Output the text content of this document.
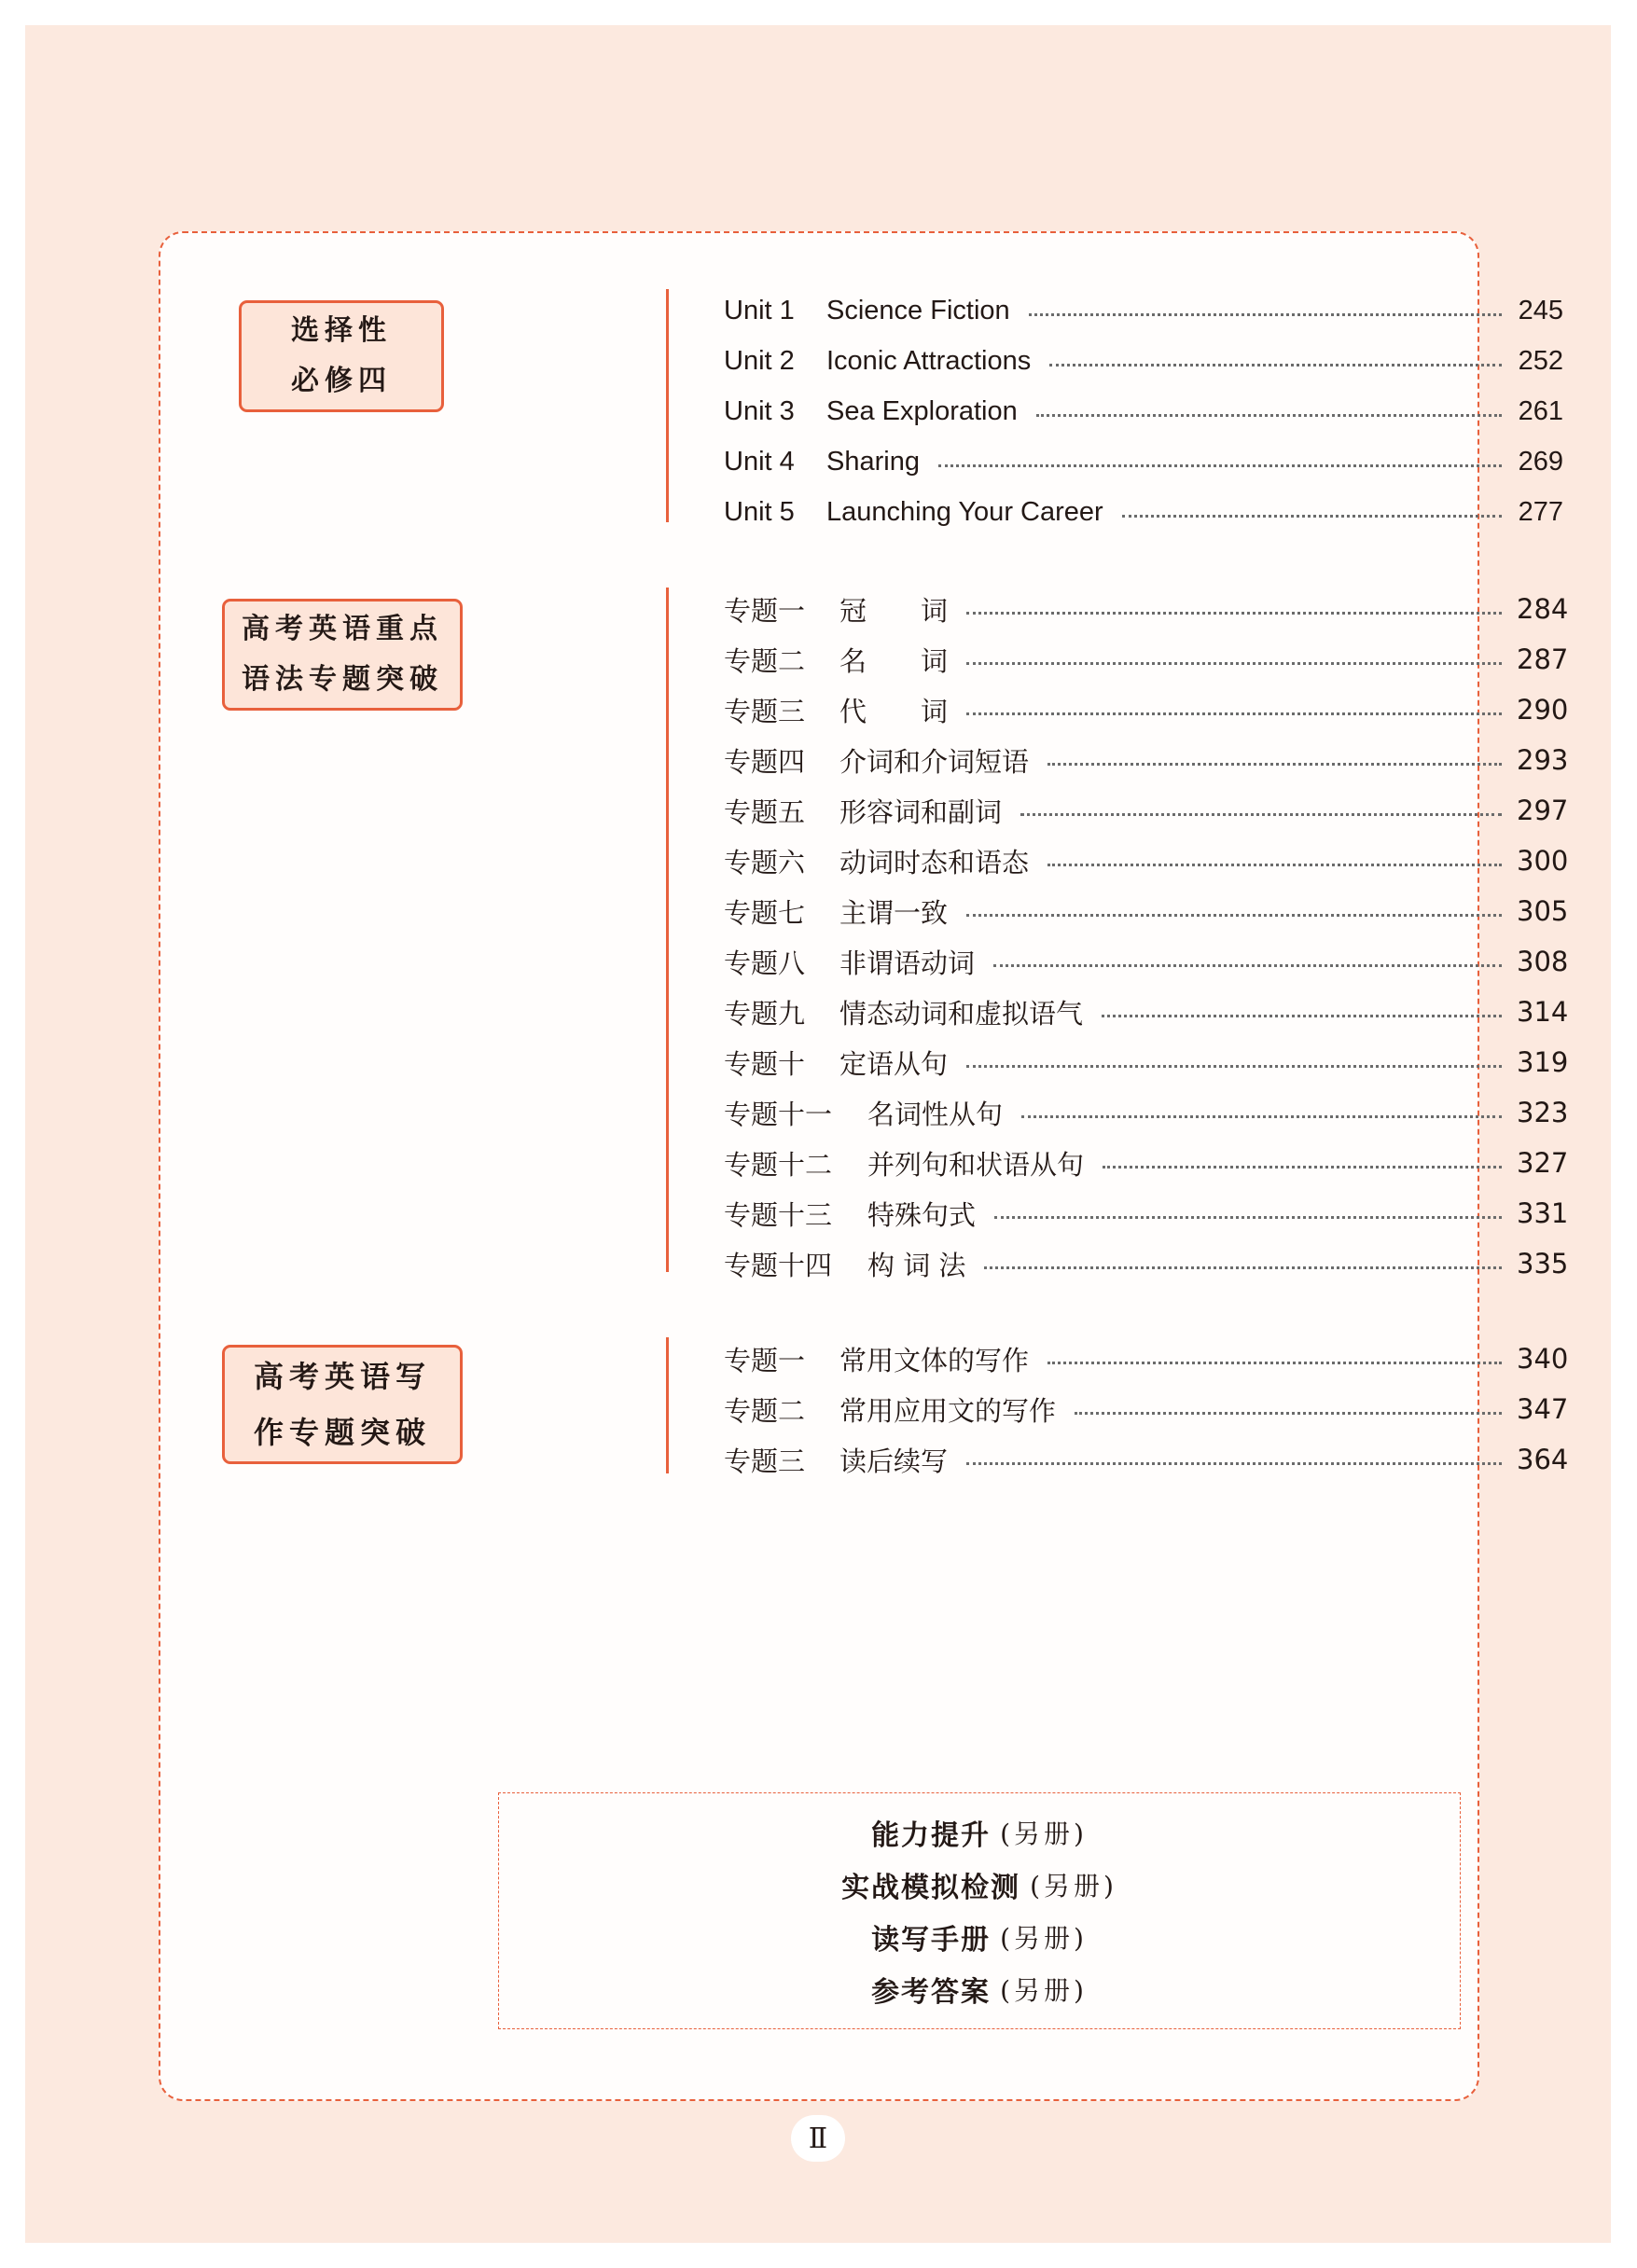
选择性
必修四
Unit 1	Science Fiction	245
Unit 2	Iconic Attractions	252
Unit 3	Sea Exploration	261
Unit 4	Sharing	269
Unit 5	Launching Your Career	277
高考英语重点
语法专题突破
专题一	冠　　词	284
专题二	名　　词	287
专题三	代　　词	290
专题四	介词和介词短语	293
专题五	形容词和副词	297
专题六	动词时态和语态	300
专题七	主谓一致	305
专题八	非谓语动词	308
专题九	情态动词和虚拟语气	314
专题十	定语从句	319
专题十一	名词性从句	323
专题十二	并列句和状语从句	327
专题十三	特殊句式	331
专题十四	构 词 法	335
高考英语写
作专题突破
专题一	常用文体的写作	340
专题二	常用应用文的写作	347
专题三	读后续写	364
能力提升 (另册)
实战模拟检测 (另册)
读写手册 (另册)
参考答案 (另册)
Ⅱ
